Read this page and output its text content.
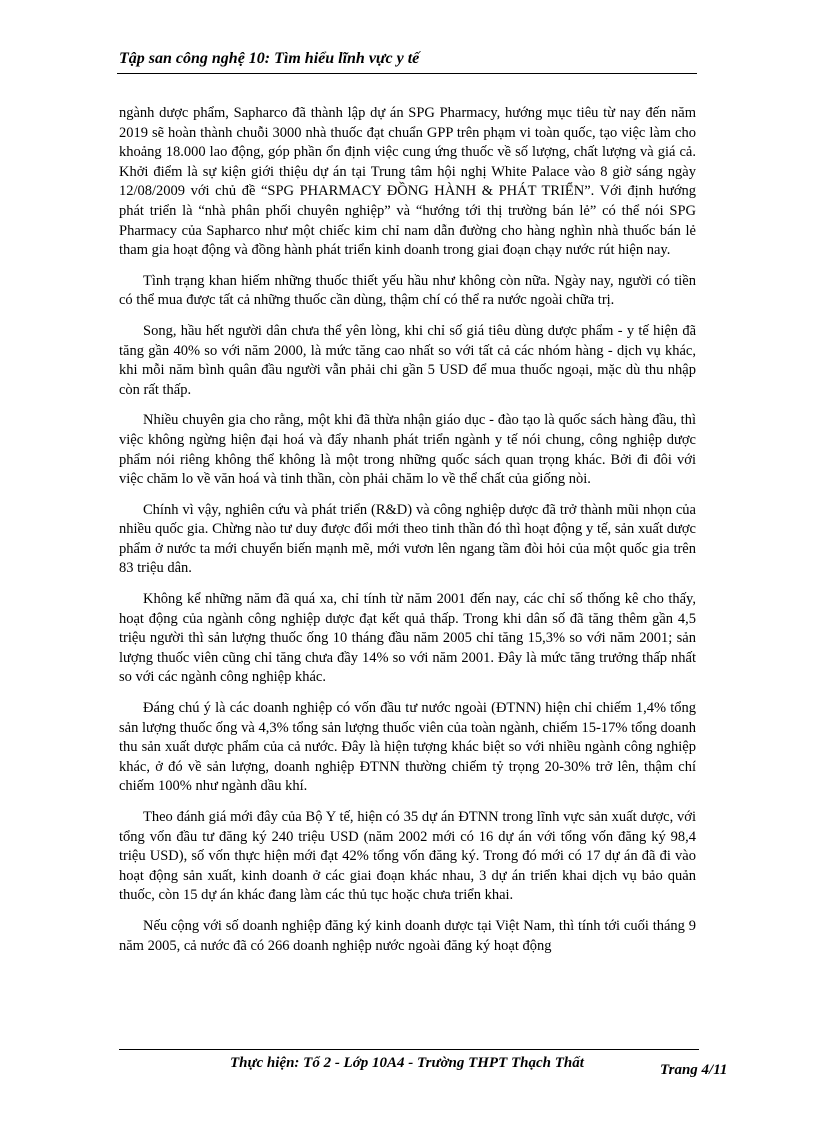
Tập san công nghệ 10: Tìm hiểu lĩnh vực y tế

ngành dược phẩm, Sapharco đã thành lập dự án SPG Pharmacy, hướng mục tiêu từ nay đến năm 2019 sẽ hoàn thành chuỗi 3000 nhà thuốc đạt chuẩn GPP trên phạm vi toàn quốc, tạo việc làm cho khoảng 18.000 lao động, góp phần ổn định việc cung ứng thuốc về số lượng, chất lượng và giá cả. Khởi điểm là sự kiện giới thiệu dự án tại Trung tâm hội nghị White Palace vào 8 giờ sáng ngày 12/08/2009 với chủ đề “SPG PHARMACY ĐỒNG HÀNH & PHÁT TRIỂN”. Với định hướng phát triển là “nhà phân phối chuyên nghiệp” và “hướng tới thị trường bán lẻ” có thể nói SPG Pharmacy của Sapharco như một chiếc kim chỉ nam dẫn đường cho hàng nghìn nhà thuốc bán lẻ tham gia hoạt động và đồng hành phát triển kinh doanh trong giai đoạn chạy nước rút hiện nay.

Tình trạng khan hiếm những thuốc thiết yếu hầu như không còn nữa. Ngày nay, người có tiền có thể mua được tất cả những thuốc cần dùng, thậm chí có thể ra nước ngoài chữa trị.

Song, hầu hết người dân chưa thể yên lòng, khi chỉ số giá tiêu dùng dược phẩm - y tế hiện đã tăng gần 40% so với năm 2000, là mức tăng cao nhất so với tất cả các nhóm hàng - dịch vụ khác, khi mỗi năm bình quân đầu người vẫn phải chi gần 5 USD để mua thuốc ngoại, mặc dù thu nhập còn rất thấp.

Nhiều chuyên gia cho rằng, một khi đã thừa nhận giáo dục - đào tạo là quốc sách hàng đầu, thì việc không ngừng hiện đại hoá và đẩy nhanh phát triển ngành y tế nói chung, công nghiệp dược phẩm nói riêng không thể không là một trong những quốc sách quan trọng khác. Bởi đi đôi với việc chăm lo về văn hoá và tinh thần, còn phải chăm lo về thể chất của giống nòi.

Chính vì vậy, nghiên cứu và phát triển (R&D) và công nghiệp dược đã trở thành mũi nhọn của nhiều quốc gia. Chừng nào tư duy được đổi mới theo tinh thần đó thì hoạt động y tế, sản xuất dược phẩm ở nước ta mới chuyển biến mạnh mẽ, mới vươn lên ngang tầm đòi hỏi của một quốc gia trên 83 triệu dân.

Không kể những năm đã quá xa, chỉ tính từ năm 2001 đến nay, các chỉ số thống kê cho thấy, hoạt động của ngành công nghiệp dược đạt kết quả thấp. Trong khi dân số đã tăng thêm gần 4,5 triệu người thì sản lượng thuốc ống 10 tháng đầu năm 2005 chỉ tăng 15,3% so với năm 2001; sản lượng thuốc viên cũng chỉ tăng chưa đầy 14% so với năm 2001. Đây là mức tăng trưởng thấp nhất so với các ngành công nghiệp khác.

Đáng chú ý là các doanh nghiệp có vốn đầu tư nước ngoài (ĐTNN) hiện chỉ chiếm 1,4% tổng sản lượng thuốc ống và 4,3% tổng sản lượng thuốc viên của toàn ngành, chiếm 15-17% tổng doanh thu sản xuất dược phẩm của cả nước. Đây là hiện tượng khác biệt so với nhiều ngành công nghiệp khác, ở đó về sản lượng, doanh nghiệp ĐTNN thường chiếm tỷ trọng 20-30% trở lên, thậm chí chiếm 100% như ngành dầu khí.

Theo đánh giá mới đây của Bộ Y tế, hiện có 35 dự án ĐTNN trong lĩnh vực sản xuất dược, với tổng vốn đầu tư đăng ký 240 triệu USD (năm 2002 mới có 16 dự án với tổng vốn đăng ký 98,4 triệu USD), số vốn thực hiện mới đạt 42% tổng vốn đăng ký. Trong đó mới có 17 dự án đã đi vào hoạt động sản xuất, kinh doanh ở các giai đoạn khác nhau, 3 dự án triển khai dịch vụ bảo quản thuốc, còn 15 dự án khác đang làm các thủ tục hoặc chưa triển khai.

Nếu cộng với số doanh nghiệp đăng ký kinh doanh dược tại Việt Nam, thì tính tới cuối tháng 9 năm 2005, cả nước đã có 266 doanh nghiệp nước ngoài đăng ký hoạt động

Thực hiện: Tổ 2 - Lớp 10A4 - Trường THPT Thạch Thất	Trang 4/11
